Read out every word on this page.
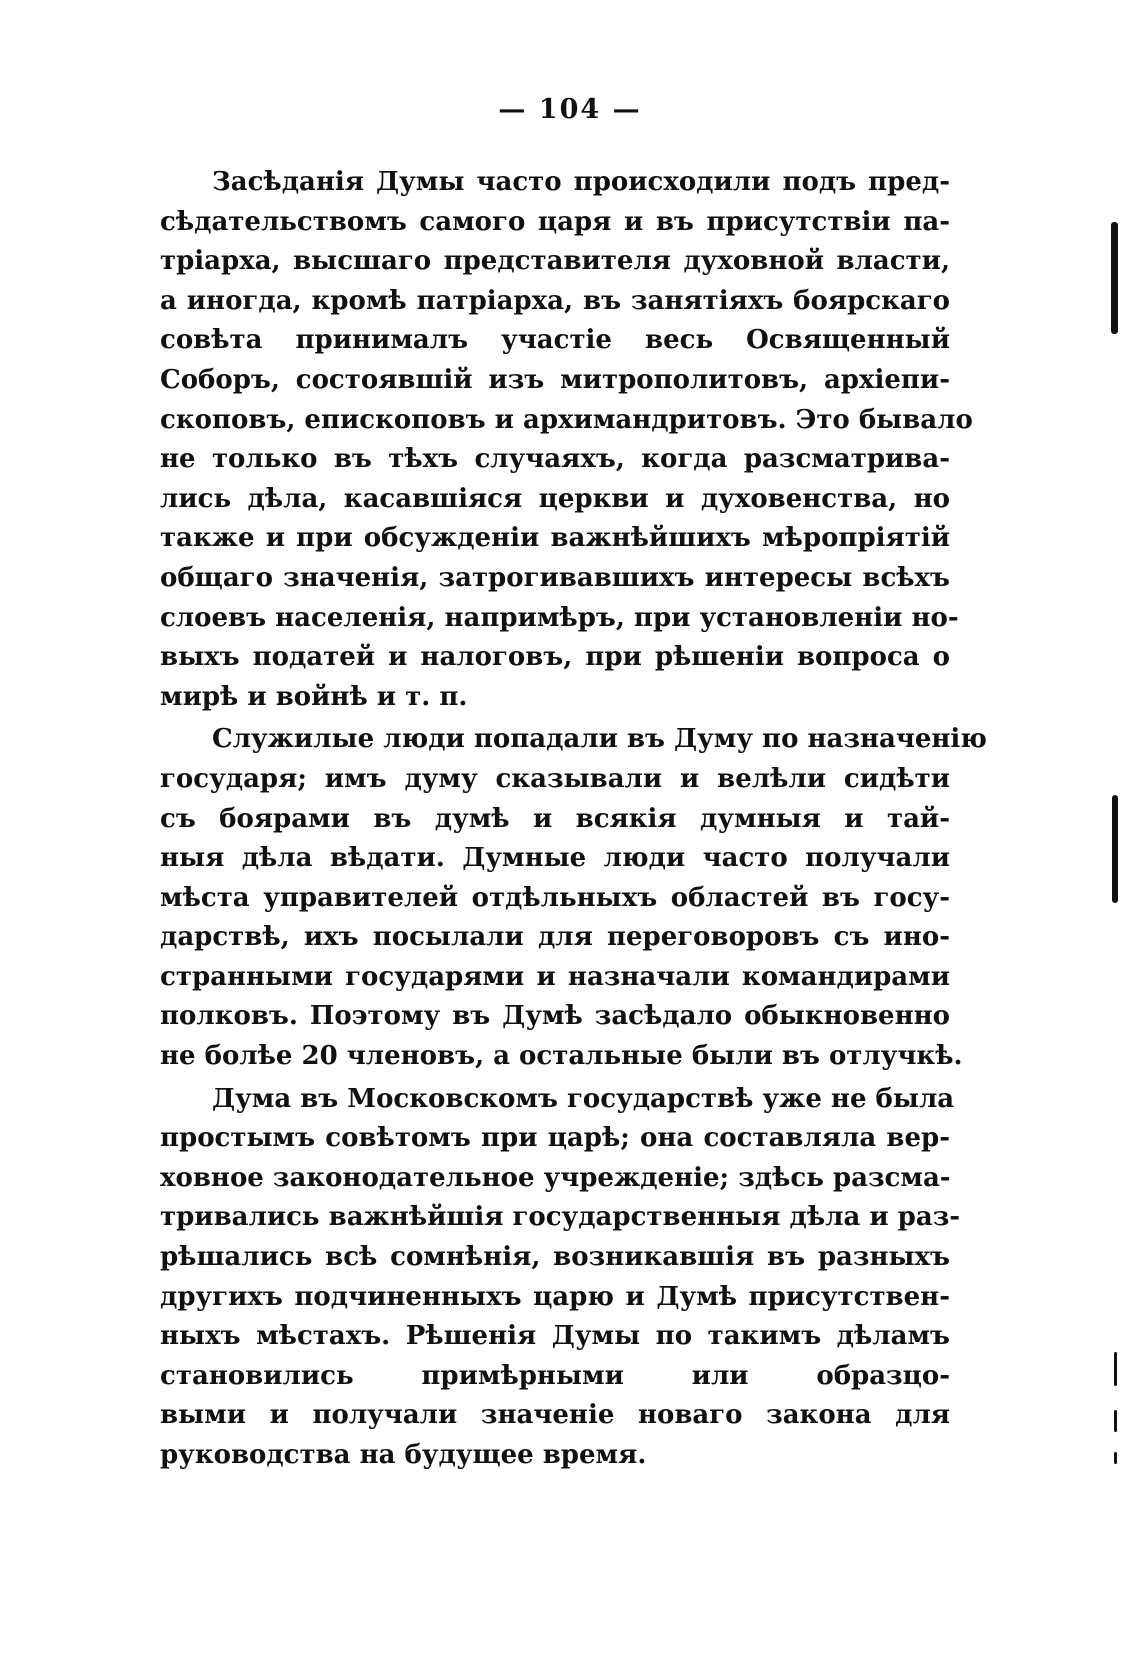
— 104 —
Засѣданія Думы часто происходили подъ пред-
сѣдательствомъ самого царя и въ присутствіи па-
тріарха, высшаго представителя духовной власти,
а иногда, кромѣ патріарха, въ занятіяхъ боярскаго
совѣта принималъ участіе весь Освященный
Соборъ, состоявшій изъ митрополитовъ, архіепи-
скоповъ, епископовъ и архимандритовъ. Это бывало
не только въ тѣхъ случаяхъ, когда разсматрива-
лись дѣла, касавшіяся церкви и духовенства, но
также и при обсужденіи важнѣйшихъ мѣропріятій
общаго значенія, затрогивавшихъ интересы всѣхъ
слоевъ населенія, напримѣръ, при установленіи но-
выхъ податей и налоговъ, при рѣшеніи вопроса о
мирѣ и войнѣ и т. п.
Служилые люди попадали въ Думу по назначенію
государя; имъ думу сказывали и велѣли сидѣти
съ боярами въ думѣ и всякія думныя и тай-
ныя дѣла вѣдати. Думные люди часто получали
мѣста управителей отдѣльныхъ областей въ госу-
дарствѣ, ихъ посылали для переговоровъ съ ино-
странными государями и назначали командирами
полковъ. Поэтому въ Думѣ засѣдало обыкновенно
не болѣе 20 членовъ, а остальные были въ отлучкѣ.
Дума въ Московскомъ государствѣ уже не была
простымъ совѣтомъ при царѣ; она составляла вер-
ховное законодательное учрежденіе; здѣсь разсма-
тривались важнѣйшія государственныя дѣла и раз-
рѣшались всѣ сомнѣнія, возникавшія въ разныхъ
другихъ подчиненныхъ царю и Думѣ присутствен-
ныхъ мѣстахъ. Рѣшенія Думы по такимъ дѣламъ
становились примѣрными или образцо-
выми и получали значеніе новаго закона для
руководства на будущее время.
